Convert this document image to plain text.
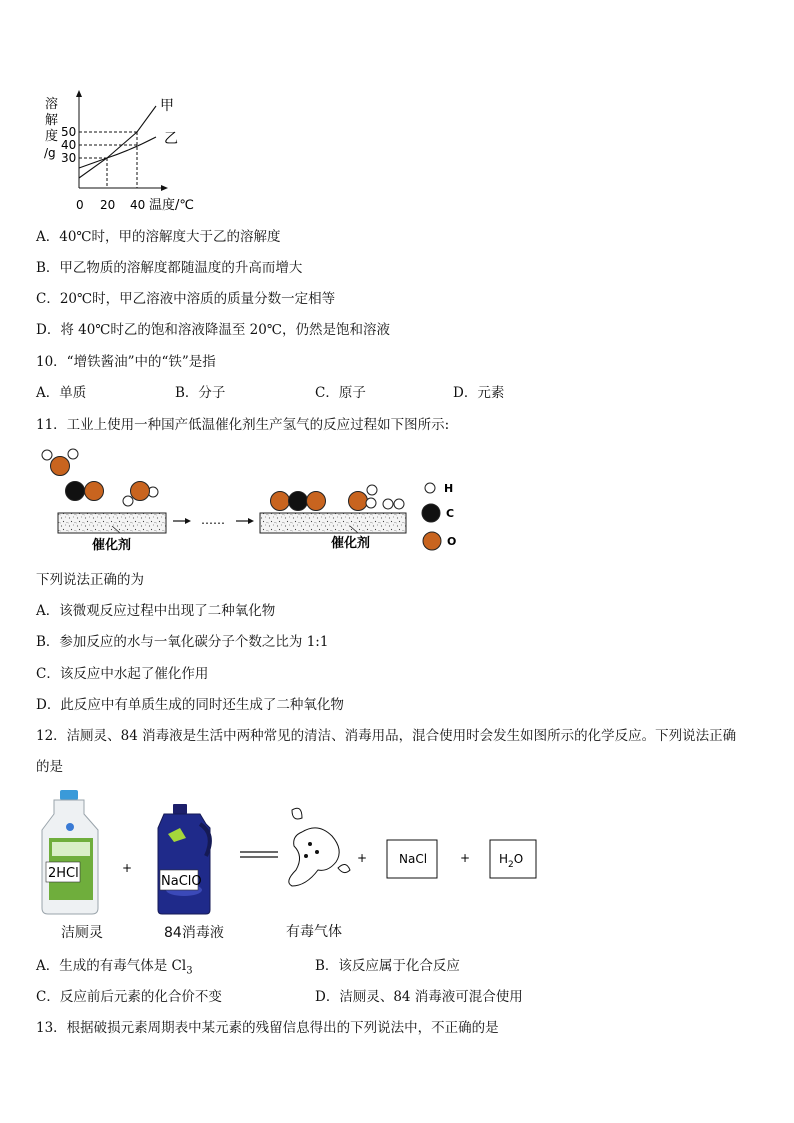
溶
解
度
/g
50
40
30
甲
乙
0 20 40 温度/℃
A．40℃时，甲的溶解度大于乙的溶解度
B．甲乙物质的溶解度都随温度的升高而增大
C．20℃时，甲乙溶液中溶质的质量分数一定相等
D．将 40℃时乙的饱和溶液降温至 20℃，仍然是饱和溶液
10．“增铁酱油”中的“铁”是指
A．单质	B．分子	C．原子	D．元素
11．工业上使用一种国产低温催化剂生产氢气的反应过程如下图所示:
催化剂
……
催化剂
H
C
O
下列说法正确的为
A．该微观反应过程中出现了二种氧化物
B．参加反应的水与一氧化碳分子个数之比为 1:1
C．该反应中水起了催化作用
D．此反应中有单质生成的同时还生成了二种氧化物
12．洁厕灵、84 消毒液是生活中两种常见的清洁、消毒用品，混合使用时会发生如图所示的化学反应。下列说法正确
的是
2HCl	+
NaClO
+	NaCl	+ $H_2O$
洁厕灵	84消毒液	有毒气体
A．生成的有毒气体是 $Cl_3$	B．该反应属于化合反应
C．反应前后元素的化合价不变	D．洁厕灵、84 消毒液可混合使用
13．根据破损元素周期表中某元素的残留信息得出的下列说法中，不正确的是
